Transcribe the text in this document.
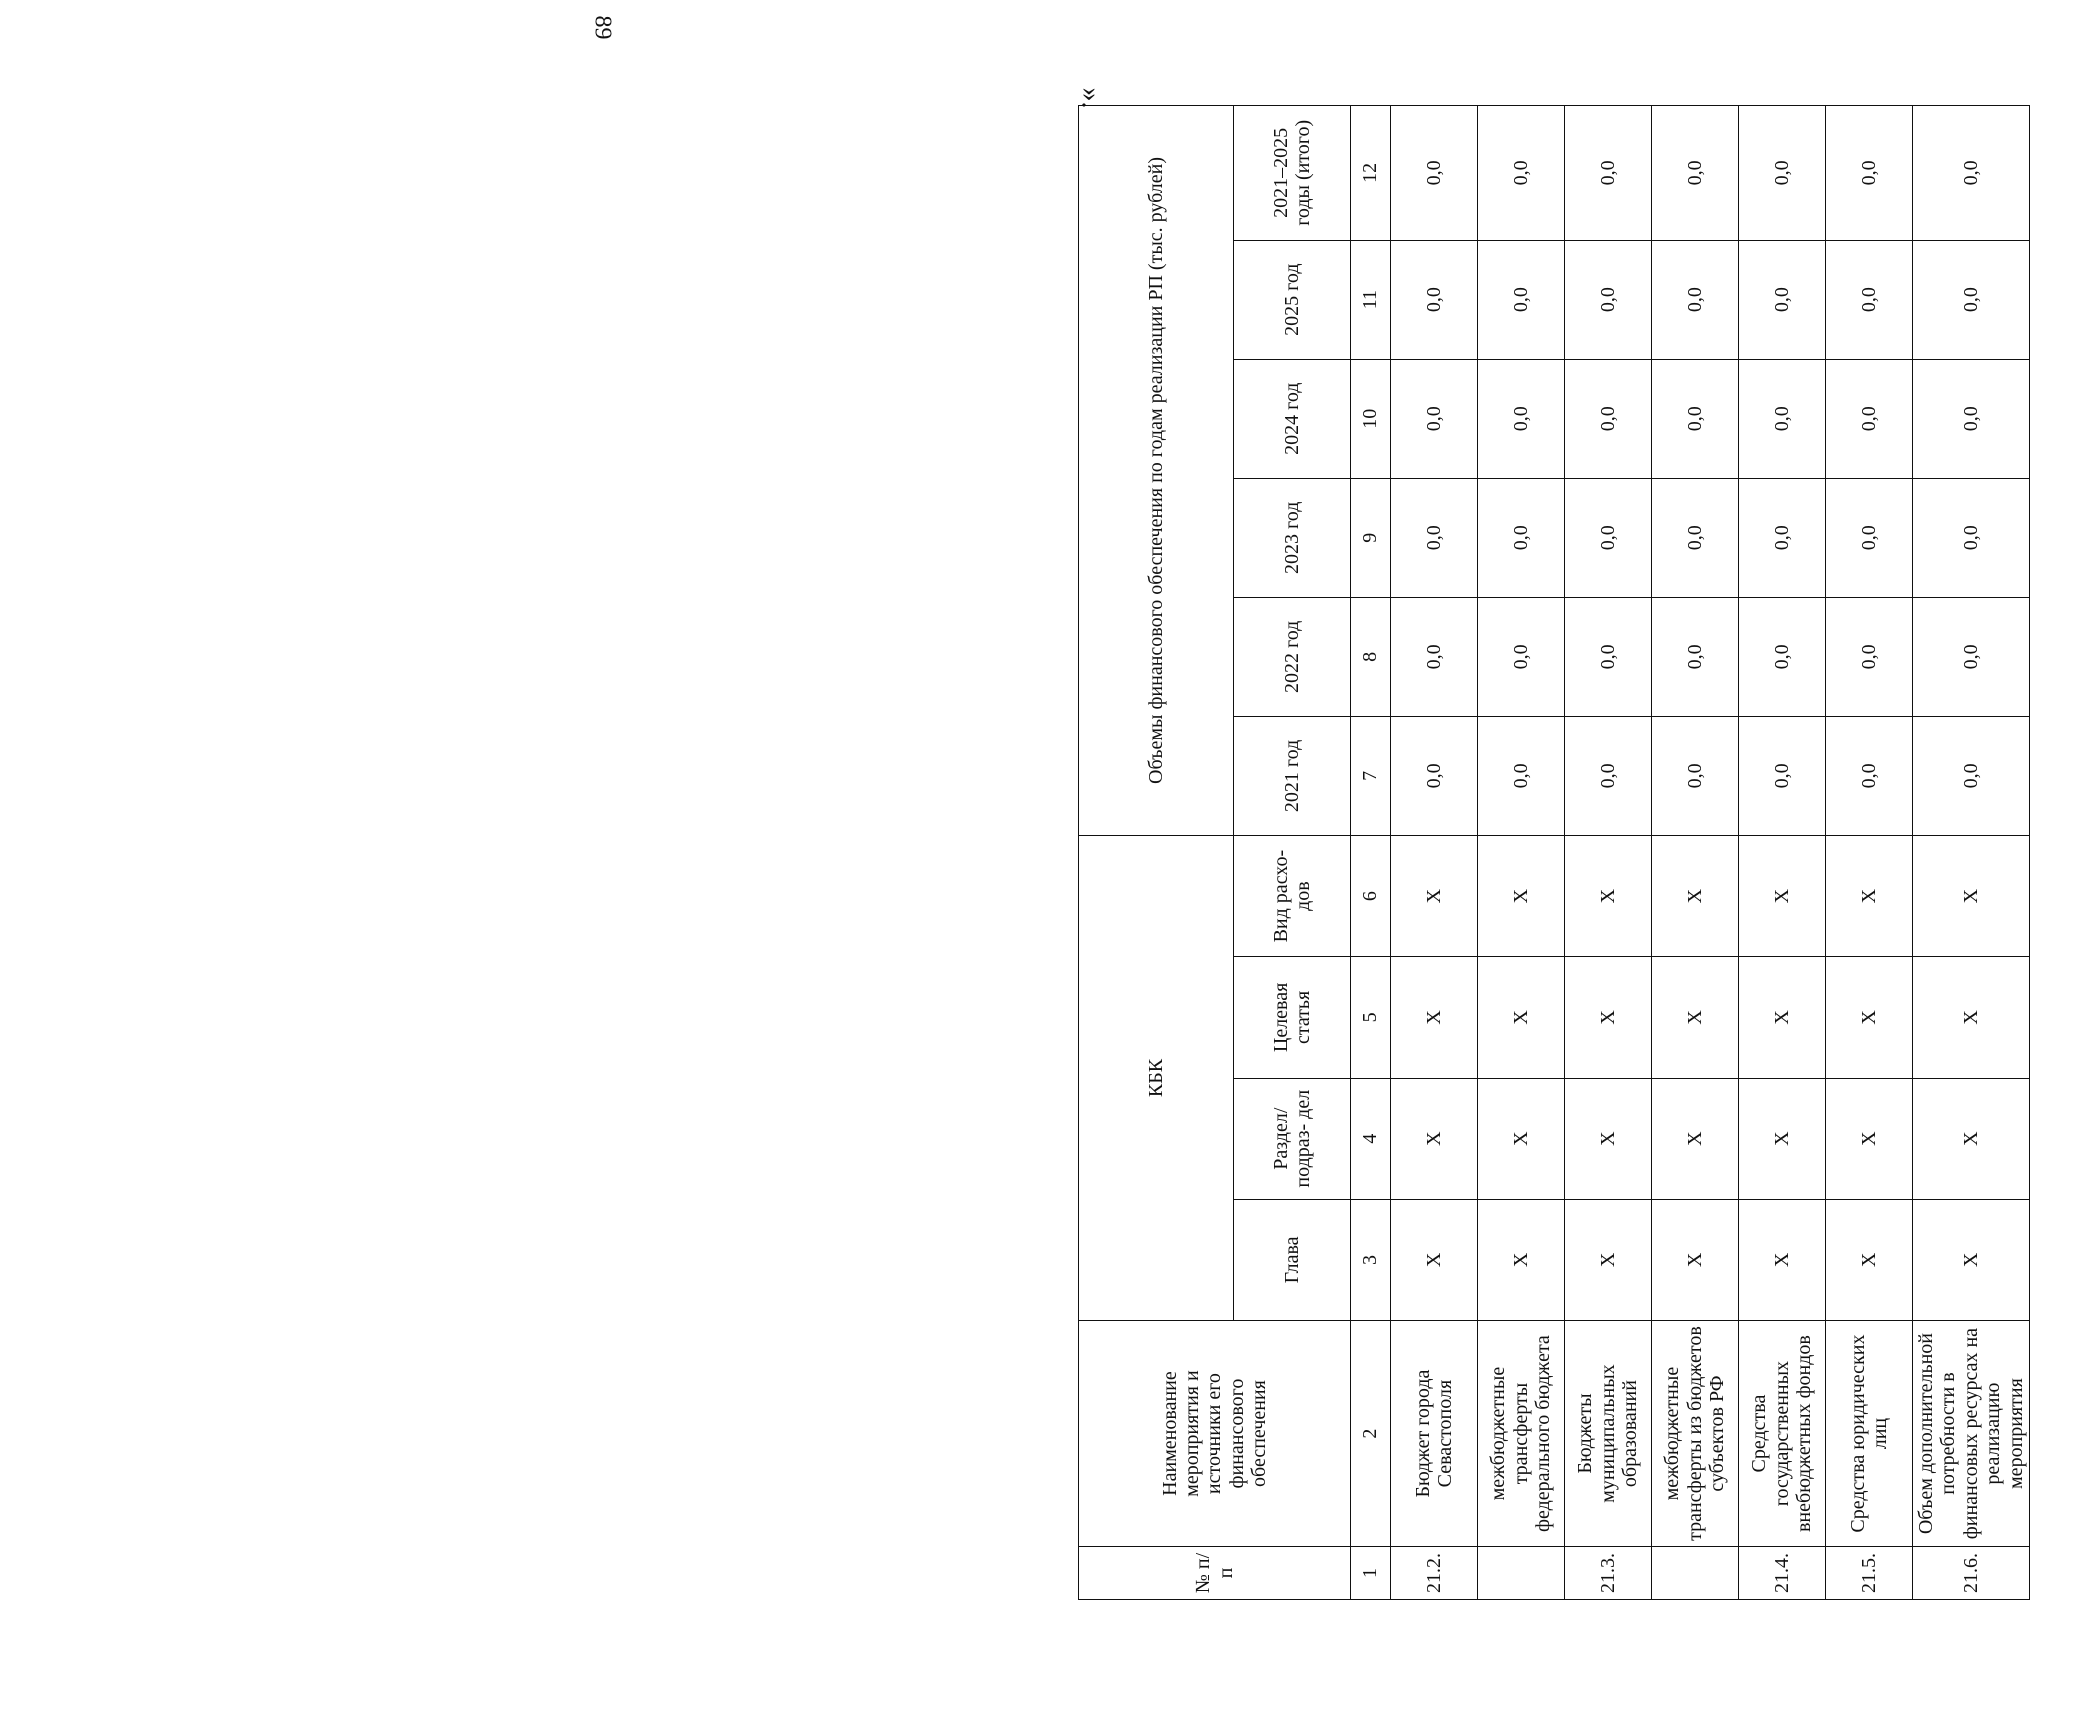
89
».
№ п/п	Наименование мероприятия и источники его финансового обеспечения	КБК				Объемы финансового обеспечения по годам реализации РП (тыс. рублей)					
		Глава	Раздел/ подраз- дел	Целевая статья	Вид расхо- дов	2021 год	2022 год	2023 год	2024 год	2025 год	2021–2025 годы (итого)
1	2	3	4	5	6	7	8	9	10	11	12
21.2.	Бюджет города Севастополя	Х	Х	Х	Х	0,0	0,0	0,0	0,0	0,0	0,0
	межбюджетные трансферты федерального бюджета	Х	Х	Х	Х	0,0	0,0	0,0	0,0	0,0	0,0
21.3.	Бюджеты муниципальных образований	Х	Х	Х	Х	0,0	0,0	0,0	0,0	0,0	0,0
	межбюджетные трансферты из бюджетов субъектов РФ	Х	Х	Х	Х	0,0	0,0	0,0	0,0	0,0	0,0
21.4.	Средства государственных внебюджетных фондов	Х	Х	Х	Х	0,0	0,0	0,0	0,0	0,0	0,0
21.5.	Средства юридических лиц	Х	Х	Х	Х	0,0	0,0	0,0	0,0	0,0	0,0
21.6.	Объем дополнительной потребности в финансовых ресурсах на реализацию мероприятия	Х	Х	Х	Х	0,0	0,0	0,0	0,0	0,0	0,0
